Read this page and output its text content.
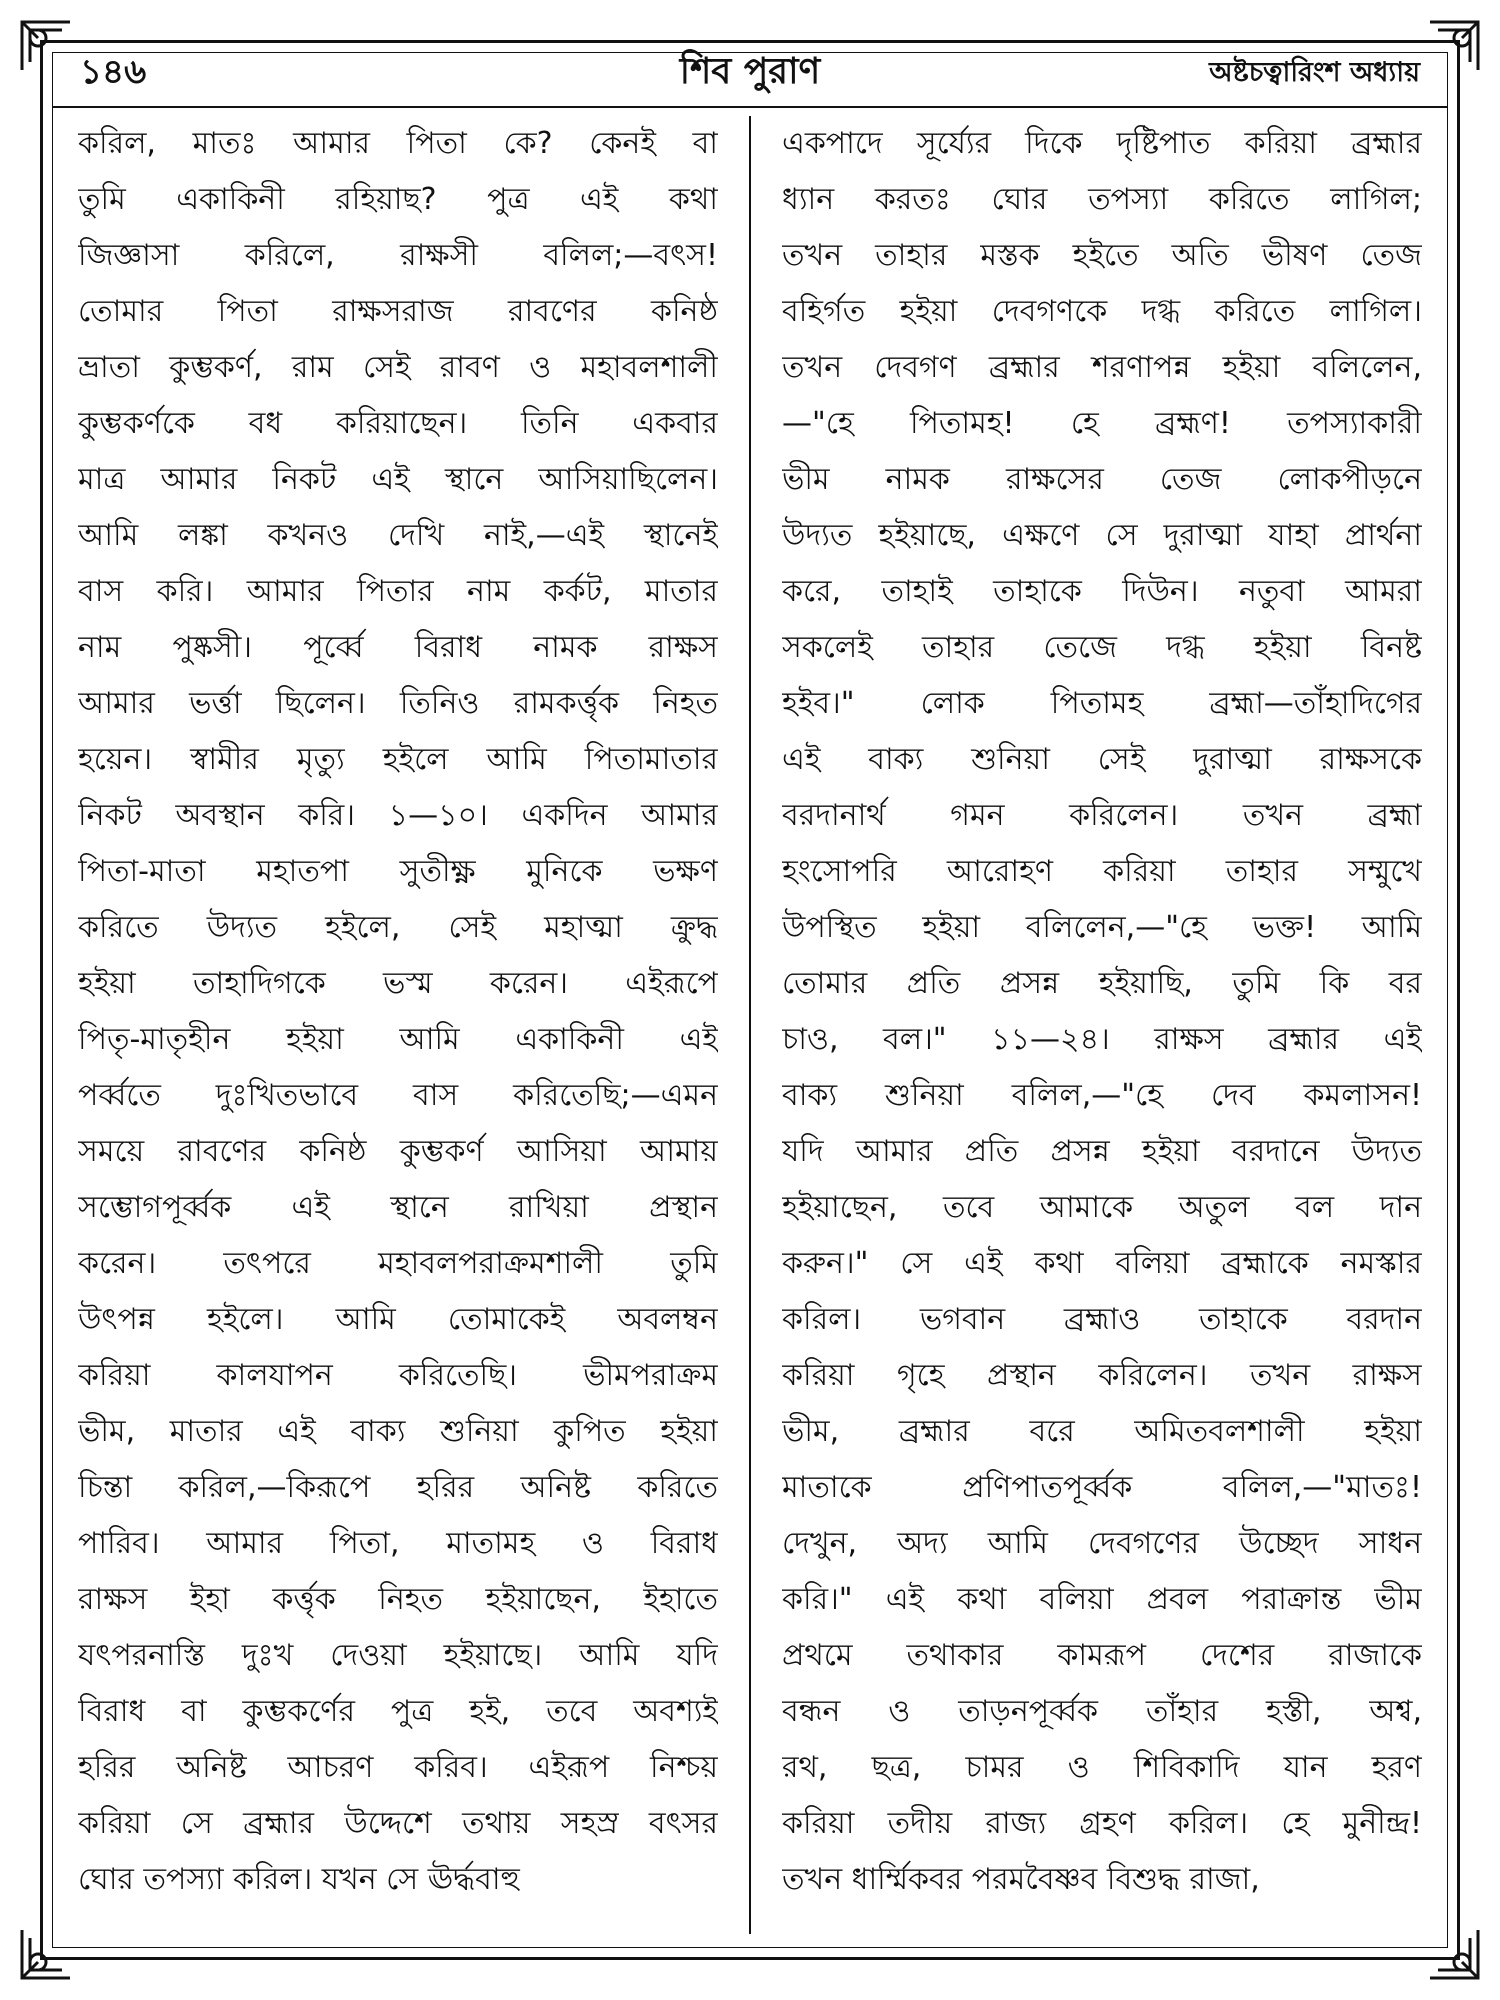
১৪৬	শিব পুরাণ	অষ্টচত্বারিংশ অধ্যায়
করিল, মাতঃ আমার পিতা কে? কেনই বা
তুমি একাকিনী রহিয়াছ? পুত্র এই কথা
জিজ্ঞাসা করিলে, রাক্ষসী বলিল;—বৎস!
তোমার পিতা রাক্ষসরাজ রাবণের কনিষ্ঠ
ভ্রাতা কুম্ভকর্ণ, রাম সেই রাবণ ও মহাবলশালী
কুম্ভকর্ণকে বধ করিয়াছেন। তিনি একবার
মাত্র আমার নিকট এই স্থানে আসিয়াছিলেন।
আমি লঙ্কা কখনও দেখি নাই,—এই স্থানেই
বাস করি। আমার পিতার নাম কর্কট, মাতার
নাম পুষ্কসী। পূর্ব্বে বিরাধ নামক রাক্ষস
আমার ভর্ত্তা ছিলেন। তিনিও রামকর্ত্তৃক নিহত
হয়েন। স্বামীর মৃত্যু হইলে আমি পিতামাতার
নিকট অবস্থান করি। ১—১০। একদিন আমার
পিতা-মাতা মহাতপা সুতীক্ষ্ণ মুনিকে ভক্ষণ
করিতে উদ্যত হইলে, সেই মহাত্মা ক্রুদ্ধ
হইয়া তাহাদিগকে ভস্ম করেন। এইরূপে
পিতৃ-মাতৃহীন হইয়া আমি একাকিনী এই
পর্ব্বতে দুঃখিতভাবে বাস করিতেছি;—এমন
সময়ে রাবণের কনিষ্ঠ কুম্ভকর্ণ আসিয়া আমায়
সম্ভোগপূর্ব্বক এই স্থানে রাখিয়া প্রস্থান
করেন। তৎপরে মহাবলপরাক্রমশালী তুমি
উৎপন্ন হইলে। আমি তোমাকেই অবলম্বন
করিয়া কালযাপন করিতেছি। ভীমপরাক্রম
ভীম, মাতার এই বাক্য শুনিয়া কুপিত হইয়া
চিন্তা করিল,—কিরূপে হরির অনিষ্ট করিতে
পারিব। আমার পিতা, মাতামহ ও বিরাধ
রাক্ষস ইহা কর্ত্তৃক নিহত হইয়াছেন, ইহাতে
যৎপরনাস্তি দুঃখ দেওয়া হইয়াছে। আমি যদি
বিরাধ বা কুম্ভকর্ণের পুত্র হই, তবে অবশ্যই
হরির অনিষ্ট আচরণ করিব। এইরূপ নিশ্চয়
করিয়া সে ব্রহ্মার উদ্দেশে তথায় সহস্র বৎসর
ঘোর তপস্যা করিল। যখন সে ঊর্দ্ধবাহু
একপাদে সূর্য্যের দিকে দৃষ্টিপাত করিয়া ব্রহ্মার
ধ্যান করতঃ ঘোর তপস্যা করিতে লাগিল;
তখন তাহার মস্তক হইতে অতি ভীষণ তেজ
বহির্গত হইয়া দেবগণকে দগ্ধ করিতে লাগিল।
তখন দেবগণ ব্রহ্মার শরণাপন্ন হইয়া বলিলেন,
—"হে পিতামহ! হে ব্রহ্মণ! তপস্যাকারী
ভীম নামক রাক্ষসের তেজ লোকপীড়নে
উদ্যত হইয়াছে, এক্ষণে সে দুরাত্মা যাহা প্রার্থনা
করে, তাহাই তাহাকে দিউন। নতুবা আমরা
সকলেই তাহার তেজে দগ্ধ হইয়া বিনষ্ট
হইব।" লোক পিতামহ ব্রহ্মা—তাঁহাদিগের
এই বাক্য শুনিয়া সেই দুরাত্মা রাক্ষসকে
বরদানার্থ গমন করিলেন। তখন ব্রহ্মা
হংসোপরি আরোহণ করিয়া তাহার সম্মুখে
উপস্থিত হইয়া বলিলেন,—"হে ভক্ত! আমি
তোমার প্রতি প্রসন্ন হইয়াছি, তুমি কি বর
চাও, বল।" ১১—২৪। রাক্ষস ব্রহ্মার এই
বাক্য শুনিয়া বলিল,—"হে দেব কমলাসন!
যদি আমার প্রতি প্রসন্ন হইয়া বরদানে উদ্যত
হইয়াছেন, তবে আমাকে অতুল বল দান
করুন।" সে এই কথা বলিয়া ব্রহ্মাকে নমস্কার
করিল। ভগবান ব্রহ্মাও তাহাকে বরদান
করিয়া গৃহে প্রস্থান করিলেন। তখন রাক্ষস
ভীম, ব্রহ্মার বরে অমিতবলশালী হইয়া
মাতাকে প্রণিপাতপূর্ব্বক বলিল,—"মাতঃ!
দেখুন, অদ্য আমি দেবগণের উচ্ছেদ সাধন
করি।" এই কথা বলিয়া প্রবল পরাক্রান্ত ভীম
প্রথমে তথাকার কামরূপ দেশের রাজাকে
বন্ধন ও তাড়নপূর্ব্বক তাঁহার হস্তী, অশ্ব,
রথ, ছত্র, চামর ও শিবিকাদি যান হরণ
করিয়া তদীয় রাজ্য গ্রহণ করিল। হে মুনীন্দ্র!
তখন ধার্ম্মিকবর পরমবৈষ্ণব বিশুদ্ধ রাজা,
